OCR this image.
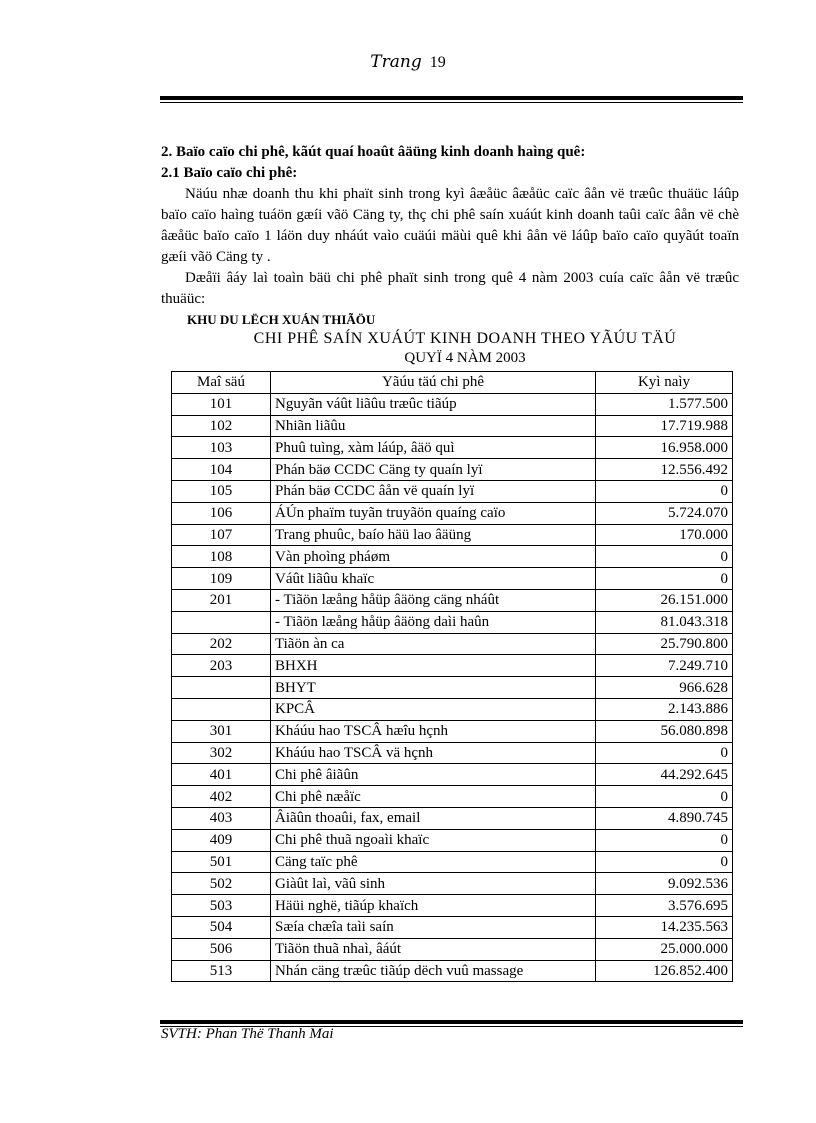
Trang 19
2. Baïo caïo chi phê, kãút quaí hoaût âäüng kinh doanh haìng quê:
2.1 Baïo caïo chi phê:
Näúu nhæ doanh thu khi phaït sinh trong kyì âæåüc âæåüc caïc âån vë træûc thuäüc láûp baïo caïo haìng tuáön gæíi vãö Cäng ty, thç chi phê saín xuáút kinh doanh taûi caïc âån vë chè âæåüc baïo caïo 1 láön duy nháút vaìo cuäúi mäùi quê khi âån vë láûp baïo caïo quyãút toaïn gæíi vãö Cäng ty .
Dæåïi âáy laì toaìn bäü chi phê phaït sinh trong quê 4 nàm 2003 cuía caïc âån vë træûc thuäüc:
KHU DU LËCH XUÁN THIÃÖU
CHI PHÊ SAÍN XUÁÚT KINH DOANH THEO YÃÚU TÄÚ
QUYÏ 4 NÀM 2003
Maî säú	Yãúu täú chi phê	Kyì naìy
101	Nguyãn váût liãûu træûc tiãúp	1.577.500
102	Nhiãn liãûu	17.719.988
103	Phuû tuìng, xàm láúp, âäö quì	16.958.000
104	Phán bäø CCDC Cäng ty quaín lyï	12.556.492
105	Phán bäø CCDC âån vë quaín lyï	0
106	ÁÚn phaïm tuyãn truyãön quaíng caïo	5.724.070
107	Trang phuûc, baío häü lao âäüng	170.000
108	Vàn phoìng pháøm	0
109	Váût liãûu khaïc	0
201	- Tiãön læång håüp âäöng cäng nháût	26.151.000
	- Tiãön læång håüp âäöng daìi haûn	81.043.318
202	Tiãön àn ca	25.790.800
203	BHXH	7.249.710
	BHYT	966.628
	KPCÂ	2.143.886
301	Kháúu hao TSCÂ hæîu hçnh	56.080.898
302	Kháúu hao TSCÂ vä hçnh	0
401	Chi phê âiãûn	44.292.645
402	Chi phê næåïc	0
403	Âiãûn thoaûi, fax, email	4.890.745
409	Chi phê thuã ngoaìi khaïc	0
501	Cäng taïc phê	0
502	Giàût laì, vãû sinh	9.092.536
503	Häüi nghë, tiãúp khaïch	3.576.695
504	Sæía chæîa taìi saín	14.235.563
506	Tiãön thuã nhaì, âáút	25.000.000
513	Nhán cäng træûc tiãúp dëch vuû massage	126.852.400
SVTH: Phan Thë Thanh Mai
